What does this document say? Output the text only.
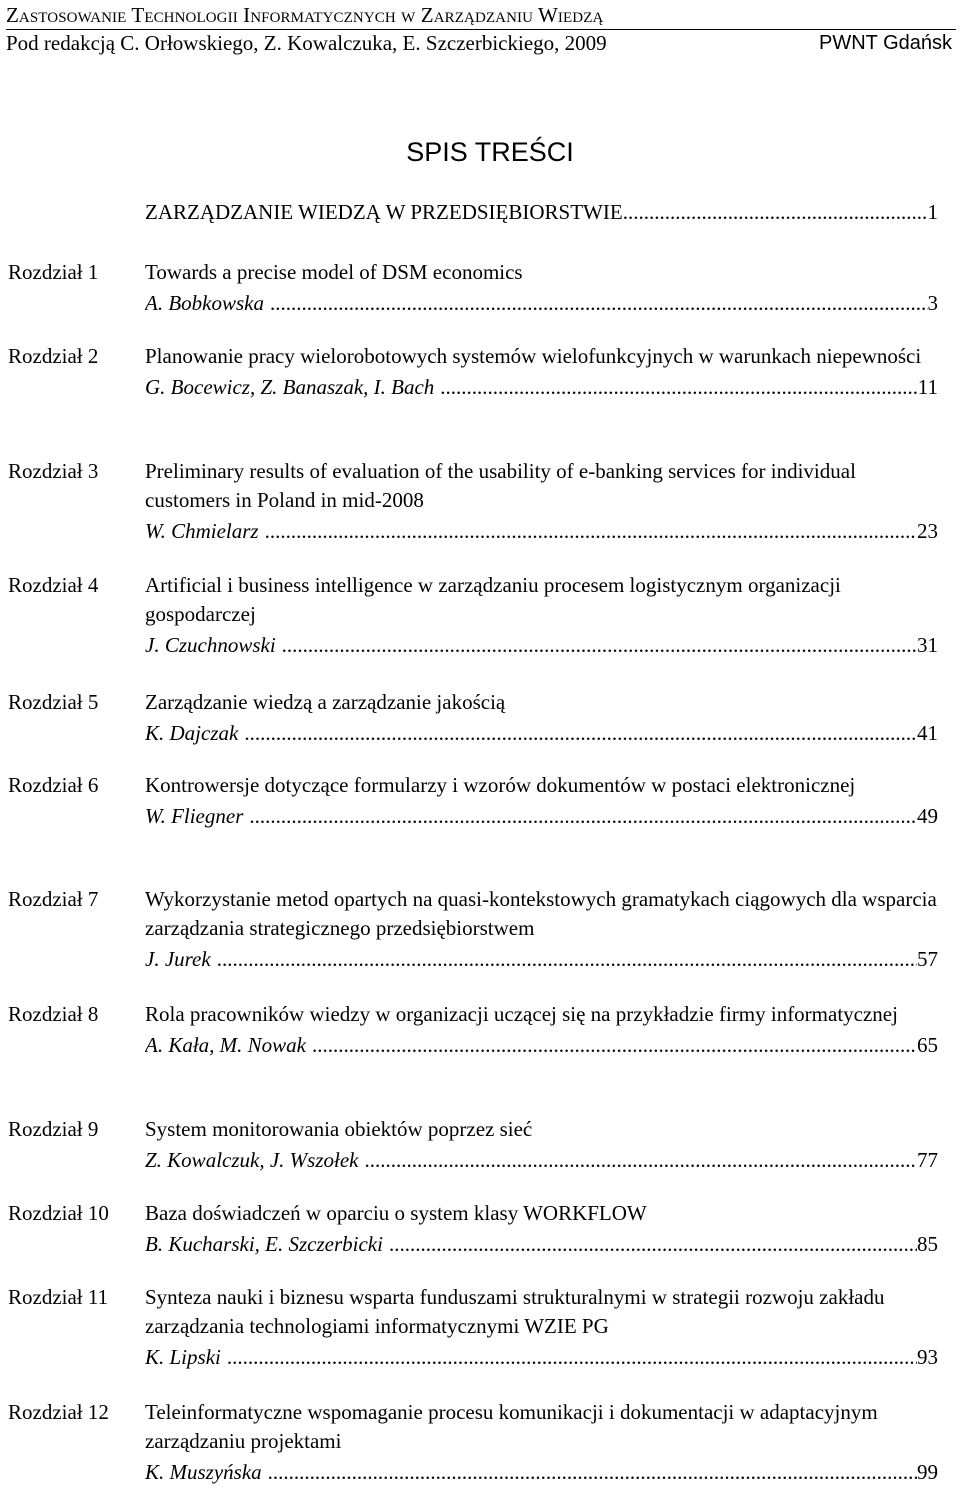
Zastosowanie Technologii Informatycznych w Zarządzaniu Wiedzą
Pod redakcją C. Orłowskiego, Z. Kowalczuka, E. Szczerbickiego, 2009	PWNT Gdańsk
SPIS TREŚCI
ZARZĄDZANIE WIEDZĄ W PRZEDSIĘBIORSTWIE .....	1
Rozdział 1 Towards a precise model of DSM economics
A. Bobkowska .....	3
Rozdział 2 Planowanie pracy wielorobotowych systemów wielofunkcyjnych w warunkach niepewności
G. Bocewicz, Z. Banaszak, I. Bach .....	11
Rozdział 3 Preliminary results of evaluation of the usability of e-banking services for individual customers in Poland in mid-2008
W. Chmielarz .....	23
Rozdział 4 Artificial i business intelligence w zarządzaniu procesem logistycznym organizacji gospodarczej
J. Czuchnowski .....	31
Rozdział 5 Zarządzanie wiedzą a zarządzanie jakością
K. Dajczak .....	41
Rozdział 6 Kontrowersje dotyczące formularzy i wzorów dokumentów w postaci elektronicznej
W. Fliegner .....	49
Rozdział 7 Wykorzystanie metod opartych na quasi-kontekstowych gramatykach ciągowych dla wsparcia zarządzania strategicznego przedsiębiorstwem
J. Jurek .....	57
Rozdział 8 Rola pracowników wiedzy w organizacji uczącej się na przykładzie firmy informatycznej
A. Kała, M. Nowak .....	65
Rozdział 9 System monitorowania obiektów poprzez sieć
Z. Kowalczuk, J. Wszołek .....	77
Rozdział 10 Baza doświadczeń w oparciu o system klasy WORKFLOW
B. Kucharski, E. Szczerbicki .....	85
Rozdział 11 Synteza nauki i biznesu wsparta funduszami strukturalnymi w strategii rozwoju zakładu zarządzania technologiami informatycznymi WZIE PG
K. Lipski .....	93
Rozdział 12 Teleinformatyczne wspomaganie procesu komunikacji i dokumentacji w adaptacyjnym zarządzaniu projektami
K. Muszyńska .....	99
